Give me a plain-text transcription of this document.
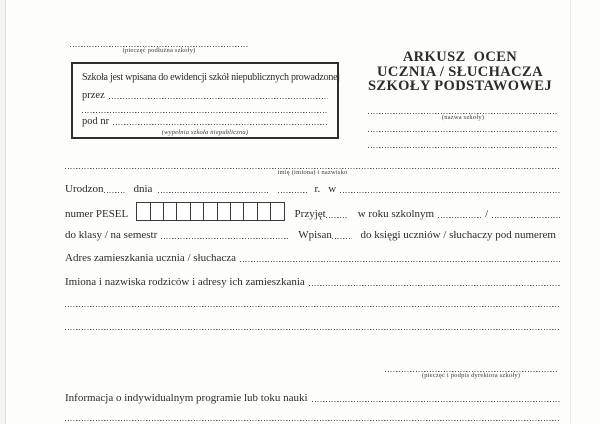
(pieczęć podłużna szkoły)
Szkoła jest wpisana do ewidencji szkół niepublicznych prowadzonej
przez
pod nr
(wypełnia szkoła niepubliczna)
ARKUSZ OCEN
UCZNIA / SŁUCHACZA
SZKOŁY PODSTAWOWEJ
(nazwa szkoły)
imię (imiona) i nazwisko
Urodzon	dnia	r. w
numer PESEL	Przyjęt	w roku szkolnym	/
do klasy / na semestr	Wpisan	do księgi uczniów / słuchaczy pod numerem
Adres zamieszkania ucznia / słuchacza
Imiona i nazwiska rodziców i adresy ich zamieszkania
(pieczęć i podpis dyrektora szkoły)
Informacja o indywidualnym programie lub toku nauki
